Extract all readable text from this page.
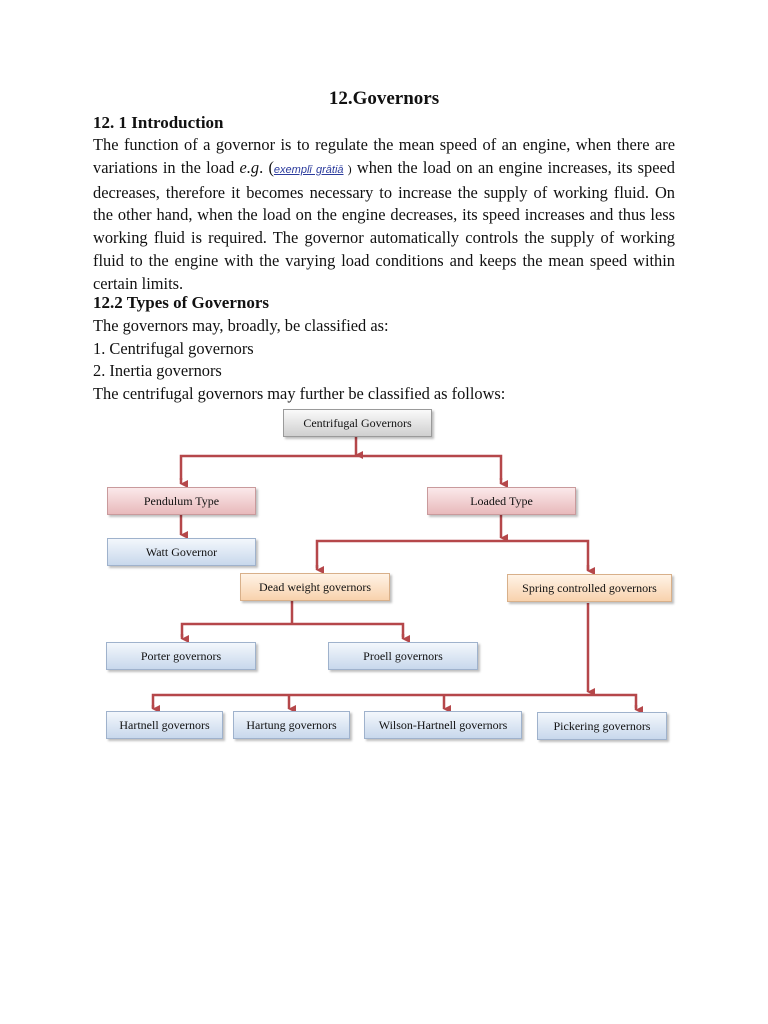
12.Governors
12. 1 Introduction
The function of a governor is to regulate the mean speed of an engine, when there are variations in the load e.g. (exemplī grātiā ) when the load on an engine increases, its speed decreases, therefore it becomes necessary to increase the supply of working fluid. On the other hand, when the load on the engine decreases, its speed increases and thus less working fluid is required. The governor automatically controls the supply of working fluid to the engine with the varying load conditions and keeps the mean speed within certain limits.
12.2 Types of Governors
The governors may, broadly, be classified as:
1. Centrifugal governors
2. Inertia governors
The centrifugal governors may further be classified as follows:
Centrifugal Governors
Pendulum Type	Loaded Type
Watt Governor
Dead weight governors	Spring controlled governors
Porter governors	Proell governors
Hartnell governors	Hartung governors	Wilson-Hartnell governors	Pickering governors
